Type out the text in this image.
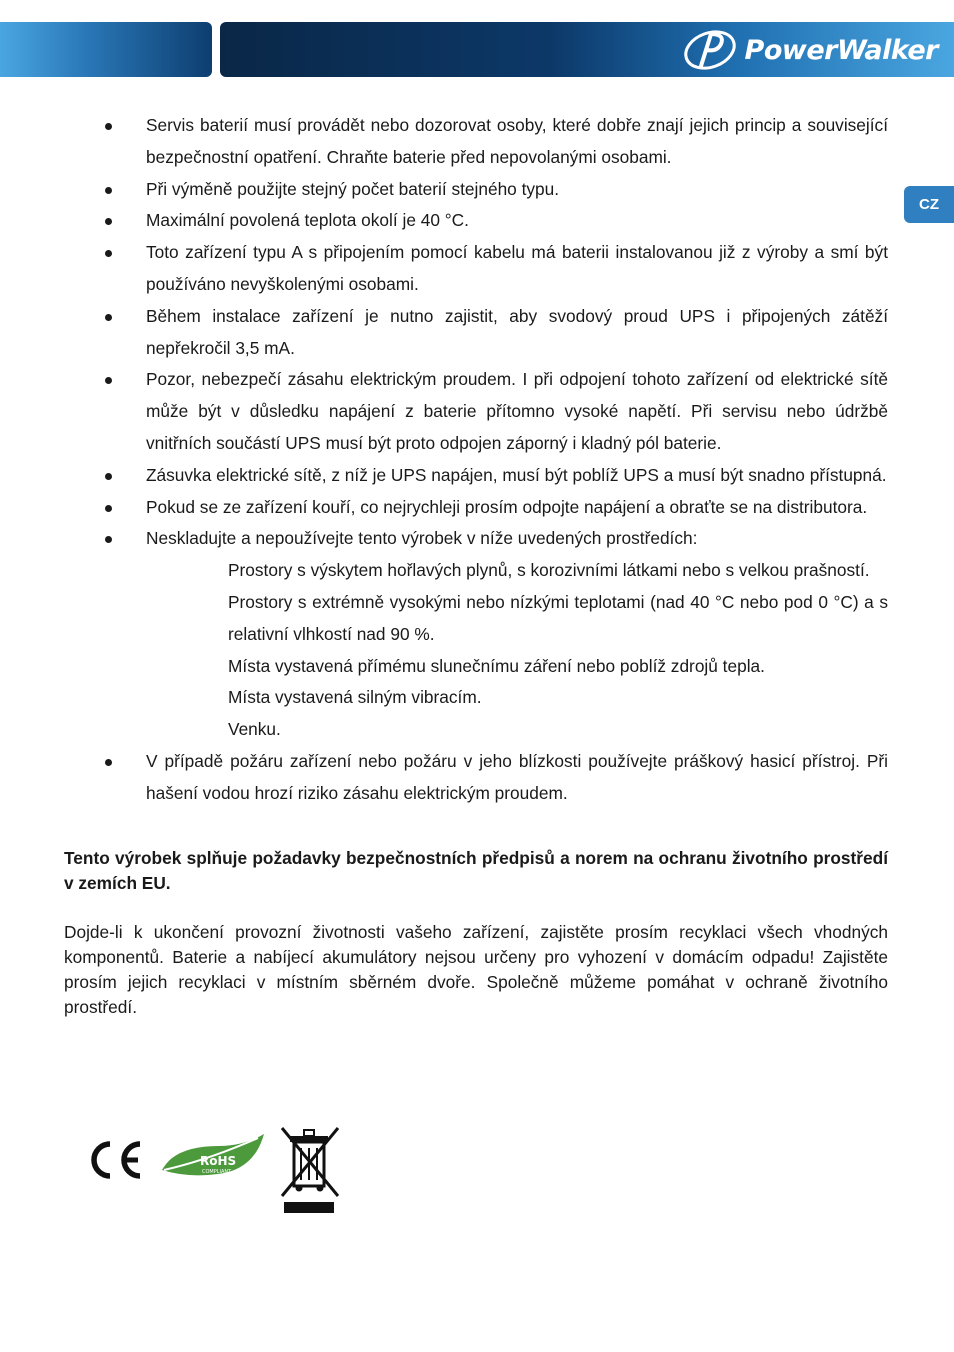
PowerWalker
CZ
Servis baterií musí provádět nebo dozorovat osoby, které dobře znají jejich princip a související bezpečnostní opatření. Chraňte baterie před nepovolanými osobami.
Při výměně použijte stejný počet baterií stejného typu.
Maximální povolená teplota okolí je 40 °C.
Toto zařízení typu A s připojením pomocí kabelu má baterii instalovanou již z výroby a smí být používáno nevyškolenými osobami.
Během instalace zařízení je nutno zajistit, aby svodový proud UPS i připojených zátěží nepřekročil 3,5 mA.
Pozor, nebezpečí zásahu elektrickým proudem. I při odpojení tohoto zařízení od elektrické sítě může být v důsledku napájení z baterie přítomno vysoké napětí. Při servisu nebo údržbě vnitřních součástí UPS musí být proto odpojen záporný i kladný pól baterie.
Zásuvka elektrické sítě, z níž je UPS napájen, musí být poblíž UPS a musí být snadno přístupná.
Pokud se ze zařízení kouří, co nejrychleji prosím odpojte napájení a obraťte se na distributora.
Neskladujte a nepoužívejte tento výrobek v níže uvedených prostředích:
Prostory s výskytem hořlavých plynů, s korozivními látkami nebo s velkou prašností.
Prostory s extrémně vysokými nebo nízkými teplotami (nad 40 °C nebo pod 0 °C) a s relativní vlhkostí nad 90 %.
Místa vystavená přímému slunečnímu záření nebo poblíž zdrojů tepla.
Místa vystavená silným vibracím.
Venku.
V případě požáru zařízení nebo požáru v jeho blízkosti používejte práškový hasicí přístroj. Při hašení vodou hrozí riziko zásahu elektrickým proudem.
Tento výrobek splňuje požadavky bezpečnostních předpisů a norem na ochranu životního prostředí v zemích EU.
Dojde-li k ukončení provozní životnosti vašeho zařízení, zajistěte prosím recyklaci všech vhodných komponentů. Baterie a nabíjecí akumulátory nejsou určeny pro vyhození v domácím odpadu! Zajistěte prosím jejich recyklaci v místním sběrném dvoře. Společně můžeme pomáhat v ochraně životního prostředí.
RoHS
COMPLIANT
